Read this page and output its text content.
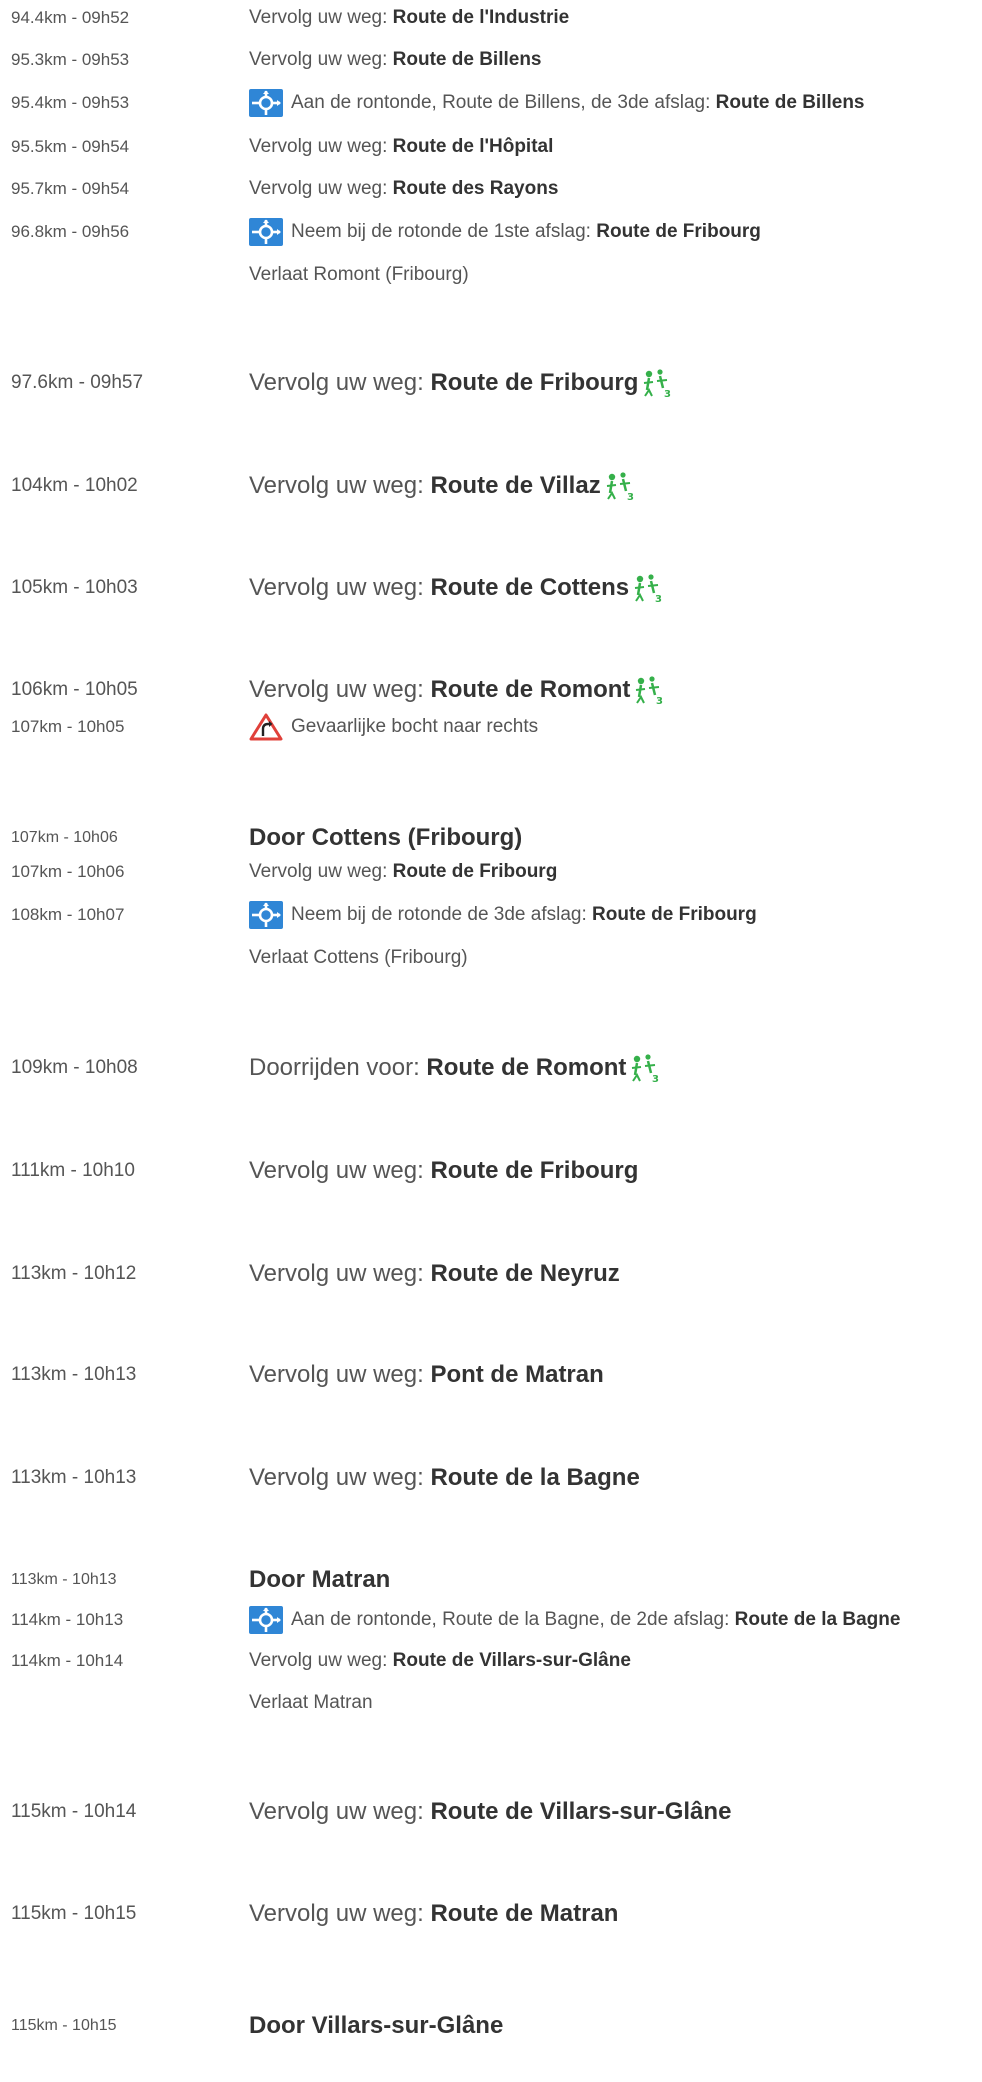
94.4km - 09h52	Vervolg uw weg: Route de l'Industrie
95.3km - 09h53	Vervolg uw weg: Route de Billens
95.4km - 09h53	Aan de rontonde, Route de Billens, de 3de afslag: Route de Billens
95.5km - 09h54	Vervolg uw weg: Route de l'Hôpital
95.7km - 09h54	Vervolg uw weg: Route des Rayons
96.8km - 09h56	Neem bij de rotonde de 1ste afslag: Route de Fribourg
Verlaat Romont (Fribourg)
97.6km - 09h57	Vervolg uw weg: Route de Fribourg	3
104km - 10h02	Vervolg uw weg: Route de Villaz	3
105km - 10h03	Vervolg uw weg: Route de Cottens	3
106km - 10h05	Vervolg uw weg: Route de Romont	3
107km - 10h05	Gevaarlijke bocht naar rechts
107km - 10h06	Door Cottens (Fribourg)
107km - 10h06	Vervolg uw weg: Route de Fribourg
108km - 10h07	Neem bij de rotonde de 3de afslag: Route de Fribourg
Verlaat Cottens (Fribourg)
109km - 10h08	Doorrijden voor: Route de Romont	3
111km - 10h10	Vervolg uw weg: Route de Fribourg
113km - 10h12	Vervolg uw weg: Route de Neyruz
113km - 10h13	Vervolg uw weg: Pont de Matran
113km - 10h13	Vervolg uw weg: Route de la Bagne
113km - 10h13	Door Matran
114km - 10h13	Aan de rontonde, Route de la Bagne, de 2de afslag: Route de la Bagne
114km - 10h14	Vervolg uw weg: Route de Villars-sur-Glâne
Verlaat Matran
115km - 10h14	Vervolg uw weg: Route de Villars-sur-Glâne
115km - 10h15	Vervolg uw weg: Route de Matran
115km - 10h15	Door Villars-sur-Glâne
